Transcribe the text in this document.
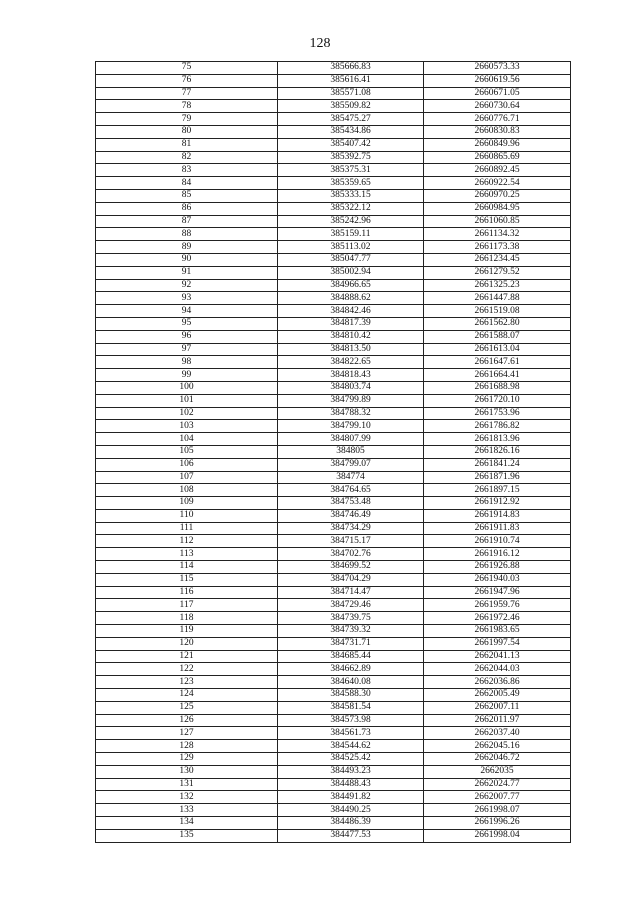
128
75	385666.83	2660573.33
76	385616.41	2660619.56
77	385571.08	2660671.05
78	385509.82	2660730.64
79	385475.27	2660776.71
80	385434.86	2660830.83
81	385407.42	2660849.96
82	385392.75	2660865.69
83	385375.31	2660892.45
84	385359.65	2660922.54
85	385333.15	2660970.25
86	385322.12	2660984.95
87	385242.96	2661060.85
88	385159.11	2661134.32
89	385113.02	2661173.38
90	385047.77	2661234.45
91	385002.94	2661279.52
92	384966.65	2661325.23
93	384888.62	2661447.88
94	384842.46	2661519.08
95	384817.39	2661562.80
96	384810.42	2661588.07
97	384813.50	2661613.04
98	384822.65	2661647.61
99	384818.43	2661664.41
100	384803.74	2661688.98
101	384799.89	2661720.10
102	384788.32	2661753.96
103	384799.10	2661786.82
104	384807.99	2661813.96
105	384805	2661826.16
106	384799.07	2661841.24
107	384774	2661871.96
108	384764.65	2661897.15
109	384753.48	2661912.92
110	384746.49	2661914.83
111	384734.29	2661911.83
112	384715.17	2661910.74
113	384702.76	2661916.12
114	384699.52	2661926.88
115	384704.29	2661940.03
116	384714.47	2661947.96
117	384729.46	2661959.76
118	384739.75	2661972.46
119	384739.32	2661983.65
120	384731.71	2661997.54
121	384685.44	2662041.13
122	384662.89	2662044.03
123	384640.08	2662036.86
124	384588.30	2662005.49
125	384581.54	2662007.11
126	384573.98	2662011.97
127	384561.73	2662037.40
128	384544.62	2662045.16
129	384525.42	2662046.72
130	384493.23	2662035
131	384488.43	2662024.77
132	384491.82	2662007.77
133	384490.25	2661998.07
134	384486.39	2661996.26
135	384477.53	2661998.04
